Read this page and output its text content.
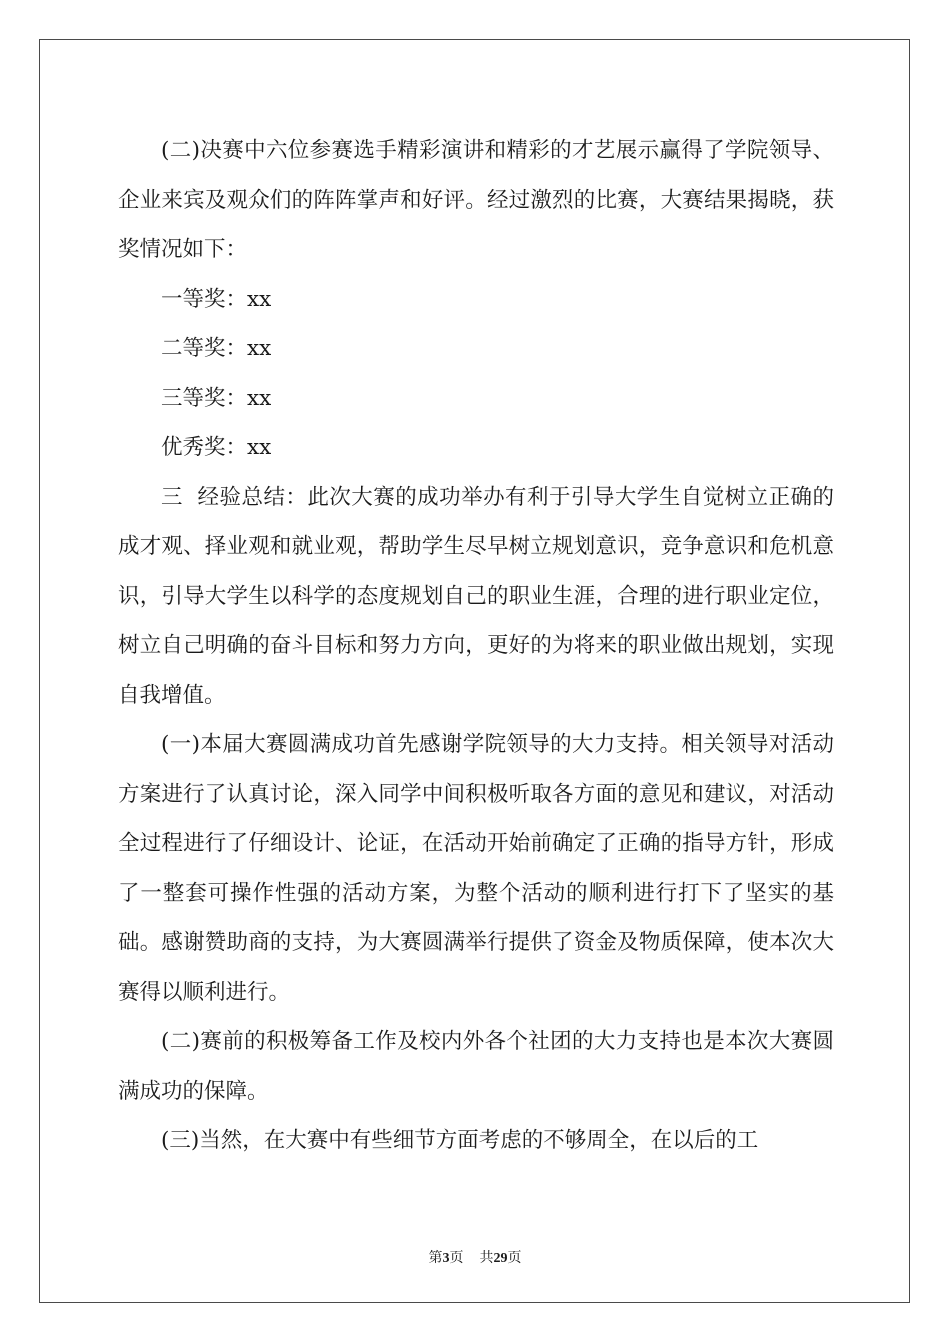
(二)决赛中六位参赛选手精彩演讲和精彩的才艺展示赢得了学院领导、企业来宾及观众们的阵阵掌声和好评。经过激烈的比赛，大赛结果揭晓，获奖情况如下：

一等奖：xx

二等奖：xx

三等奖：xx

优秀奖：xx

三  经验总结：此次大赛的成功举办有利于引导大学生自觉树立正确的成才观、择业观和就业观，帮助学生尽早树立规划意识，竞争意识和危机意识，引导大学生以科学的态度规划自己的职业生涯，合理的进行职业定位，树立自己明确的奋斗目标和努力方向，更好的为将来的职业做出规划，实现自我增值。

(一)本届大赛圆满成功首先感谢学院领导的大力支持。相关领导对活动方案进行了认真讨论，深入同学中间积极听取各方面的意见和建议，对活动全过程进行了仔细设计、论证，在活动开始前确定了正确的指导方针，形成了一整套可操作性强的活动方案，为整个活动的顺利进行打下了坚实的基础。感谢赞助商的支持，为大赛圆满举行提供了资金及物质保障，使本次大赛得以顺利进行。

(二)赛前的积极筹备工作及校内外各个社团的大力支持也是本次大赛圆满成功的保障。

(三)当然，在大赛中有些细节方面考虑的不够周全，在以后的工

第3页 共29页
